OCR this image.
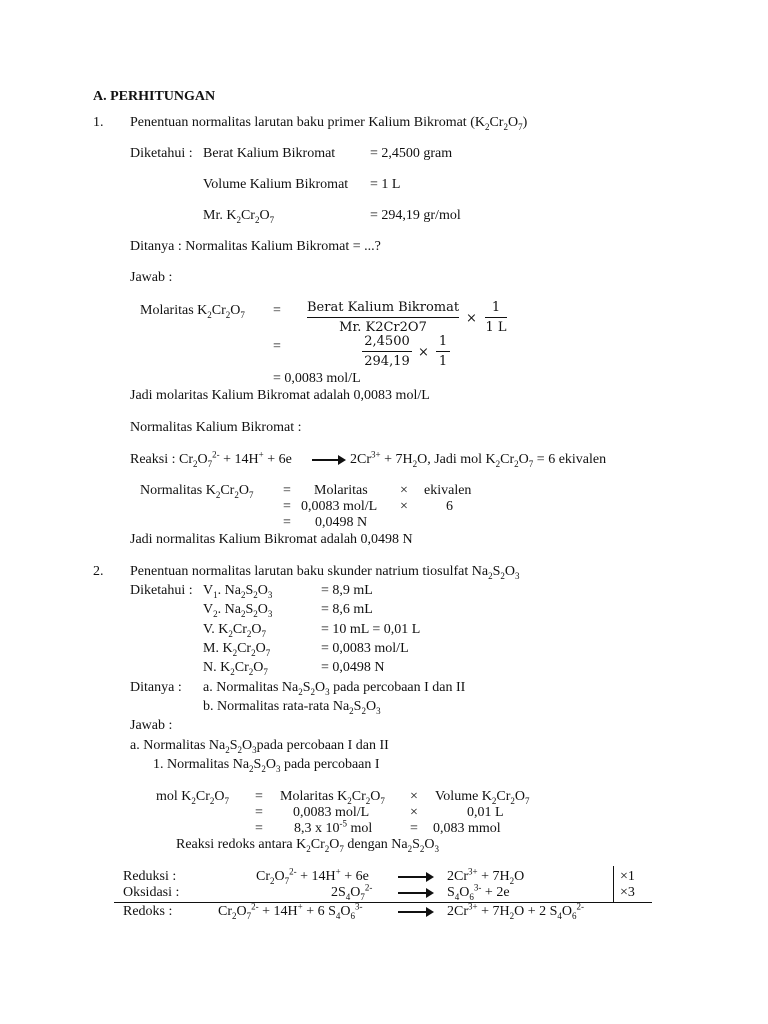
A. PERHITUNGAN
1. Penentuan normalitas larutan baku primer Kalium Bikromat $(K_2Cr_2O_7)$
Diketahui : Berat Kalium Bikromat = 2,4500 gram
Volume Kalium Bikromat = 1 L
Mr. $K_2Cr_2O_7$	= 294,19 gr/mol
Ditanya : Normalitas Kalium Bikromat = ...?
Jawab :
Molaritas $K_2Cr_2O_7$ = Berat Kalium Bikromat
Mr. K2Cr2O7
×
1
1 L
=	2,4500
294,19
×
1
1
= 0,0083 mol/L
Jadi molaritas Kalium Bikromat adalah 0,0083 mol/L
Normalitas Kalium Bikromat :
Reaksi : $Cr_2O_7^{2-} + 14H^+ + 6e$	$2Cr^{3+} + 7H_2O$, Jadi mol $K_2Cr_2O_7 = 6$ ekivalen
Normalitas $K_2Cr_2O_7$ = Molaritas × ekivalen
= 0,0083 mol/L ×	6
= 0,0498 N
Jadi normalitas Kalium Bikromat adalah 0,0498 N
2. Penentuan normalitas larutan baku skunder natrium tiosulfat $Na_2S_2O_3$
Diketahui : $V_1$. $Na_2S_2O_3$	= 8,9 mL
$V_2$. $Na_2S_2O_3$	= 8,6 mL
V. $K_2Cr_2O_7$	= 10 mL = 0,01 L
M. $K_2Cr_2O_7$	= 0,0083 mol/L
N. $K_2Cr_2O_7$	= 0,0498 N
Ditanya : a. Normalitas $Na_2S_2O_3$ pada percobaan I dan II
b. Normalitas rata-rata $Na_2S_2O_3$
Jawab :
a. Normalitas $Na_2S_2O_3pada$ percobaan I dan II
1. Normalitas $Na_2S_2O_3$ pada percobaan I
mol $K_2Cr_2O_7$ = Molaritas $K_2Cr_2O_7$ × Volume $K_2Cr_2O_7$
= 0,0083 mol/L	×	0,01 L
= 8,3 x $10^{-5}$ mol	= 0,083 mmol
Reaksi redoks antara $K_2Cr_2O_7$ dengan $Na_2S_2O_3$
Reduksi :	$Cr_2O_7^{2-} + 14H^+ + 6e$	$2Cr^{3+} + 7H_2O$	×1
Oksidasi :	$2S_4O_7^{2-}$	$S_4O_6^{3-} + 2e$	×3
Redoks :	$Cr_2O_7^{2-} + 14H^+ + 6$ $S_4O_6^{3-}$	$2Cr^{3+} + 7H_2O + 2$ $S_4O_6^{2-}$
